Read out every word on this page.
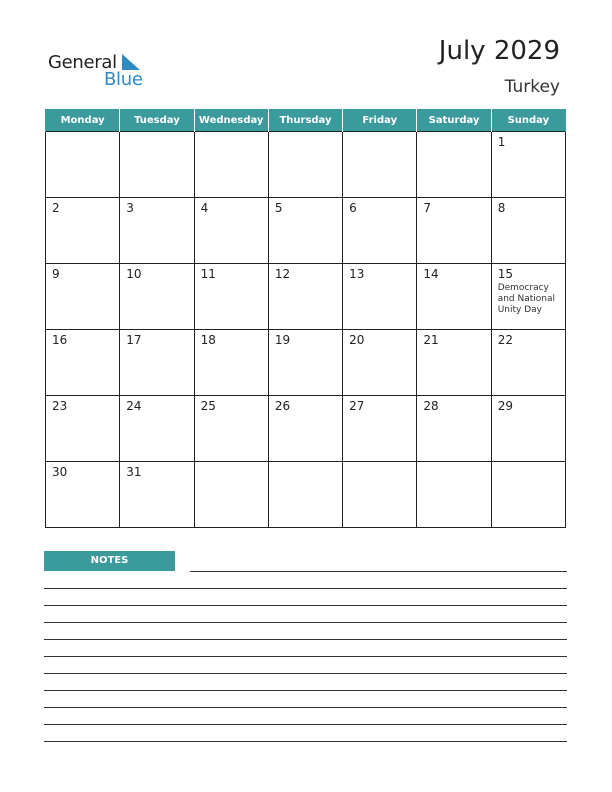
General
Blue
July 2029
Turkey
Monday	Tuesday	Wednesday	Thursday	Friday	Saturday	Sunday

						1

2	3	4	5	6	7	8

9	10	11	12	13	14	15
Democracy and National Unity Day

16	17	18	19	20	21	22

23	24	25	26	27	28	29

30	31					

NOTES
